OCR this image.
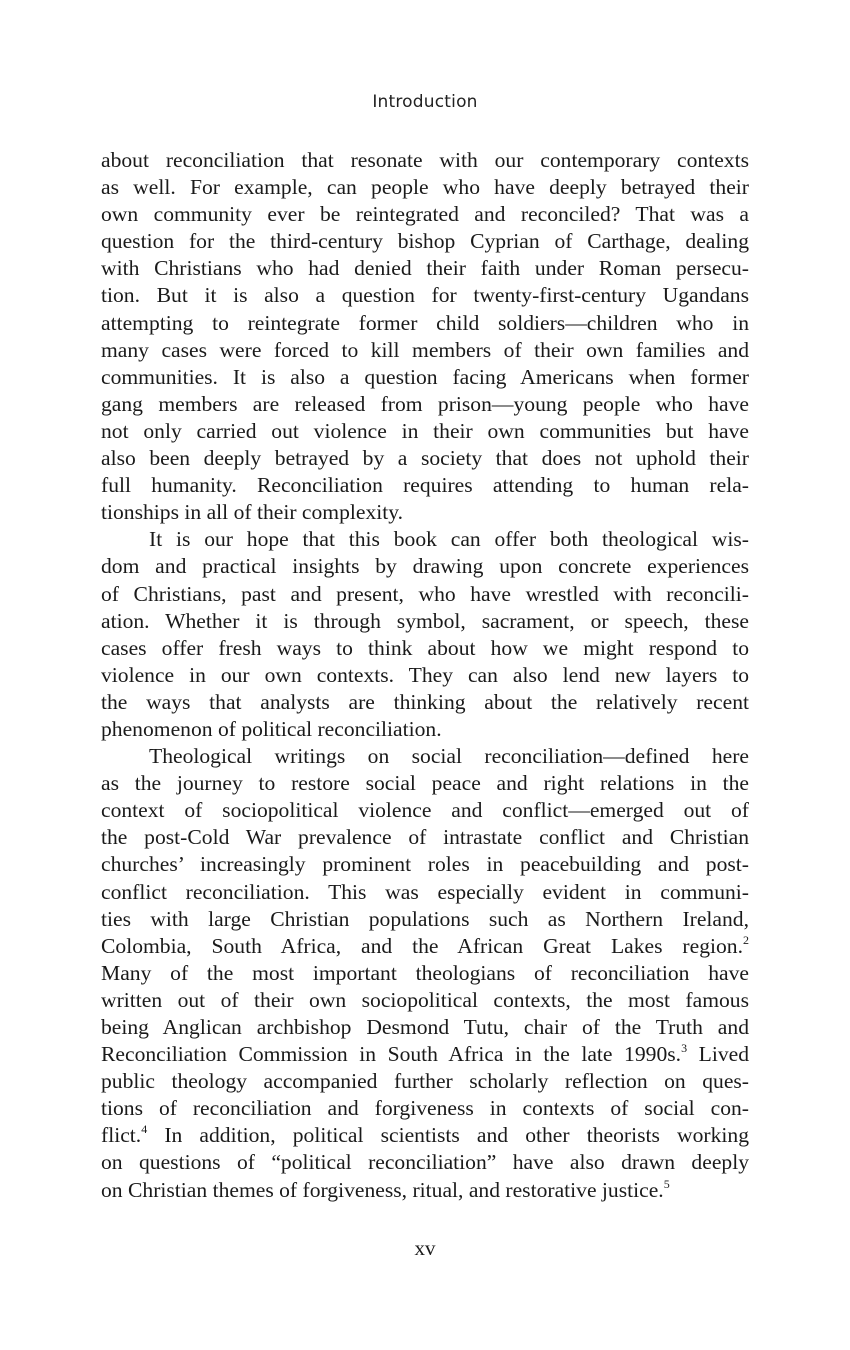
Introduction

about reconciliation that resonate with our contemporary contexts
as well. For example, can people who have deeply betrayed their
own community ever be reintegrated and reconciled? That was a
question for the third-century bishop Cyprian of Carthage, dealing
with Christians who had denied their faith under Roman persecu-
tion. But it is also a question for twenty-first-century Ugandans
attempting to reintegrate former child soldiers—children who in
many cases were forced to kill members of their own families and
communities. It is also a question facing Americans when former
gang members are released from prison—young people who have
not only carried out violence in their own communities but have
also been deeply betrayed by a society that does not uphold their
full humanity. Reconciliation requires attending to human rela-
tionships in all of their complexity.

It is our hope that this book can offer both theological wis-
dom and practical insights by drawing upon concrete experiences
of Christians, past and present, who have wrestled with reconcili-
ation. Whether it is through symbol, sacrament, or speech, these
cases offer fresh ways to think about how we might respond to
violence in our own contexts. They can also lend new layers to
the ways that analysts are thinking about the relatively recent
phenomenon of political reconciliation.

Theological writings on social reconciliation—defined here
as the journey to restore social peace and right relations in the
context of sociopolitical violence and conflict—emerged out of
the post-Cold War prevalence of intrastate conflict and Christian
churches’ increasingly prominent roles in peacebuilding and post-
conflict reconciliation. This was especially evident in communi-
ties with large Christian populations such as Northern Ireland,
Colombia, South Africa, and the African Great Lakes region.$^2$
Many of the most important theologians of reconciliation have
written out of their own sociopolitical contexts, the most famous
being Anglican archbishop Desmond Tutu, chair of the Truth and
Reconciliation Commission in South Africa in the late 1990s.$^3$ Lived
public theology accompanied further scholarly reflection on ques-
tions of reconciliation and forgiveness in contexts of social con-
flict.$^4$ In addition, political scientists and other theorists working
on questions of “political reconciliation” have also drawn deeply
on Christian themes of forgiveness, ritual, and restorative justice.$^5$

xv
